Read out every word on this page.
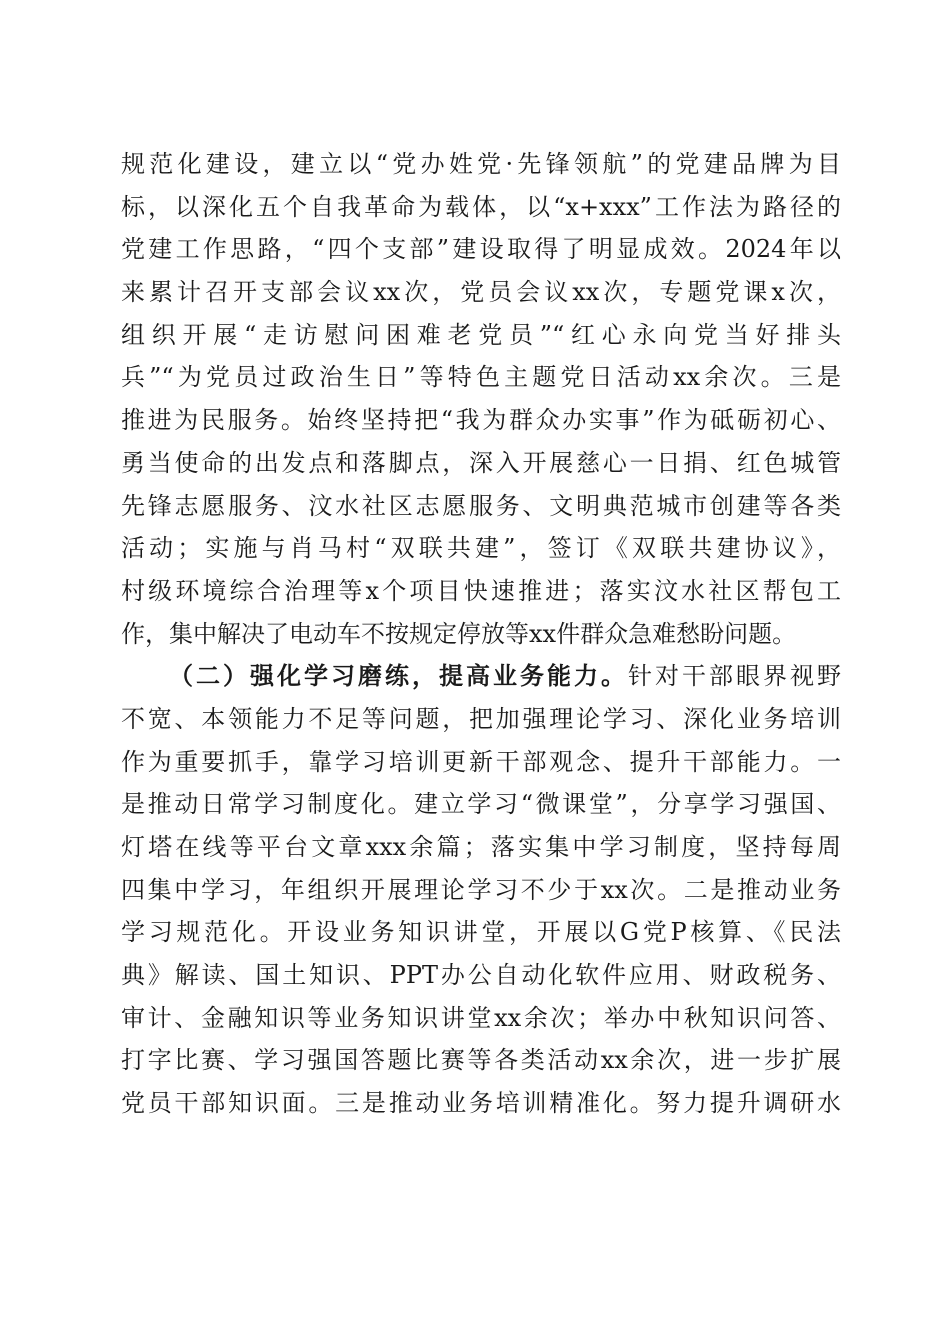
规范化建设，建立以“党办姓党·先锋领航”的党建品牌为目
标，以深化五个自我革命为载体，以“x+xxx”工作法为路径的
党建工作思路，“四个支部”建设取得了明显成效。2024年以
来累计召开支部会议xx次，党员会议xx次，专题党课x次，
组织开展“走访慰问困难老党员”“红心永向党当好排头
兵”“为党员过政治生日”等特色主题党日活动xx余次。三是
推进为民服务。始终坚持把“我为群众办实事”作为砥砺初心、
勇当使命的出发点和落脚点，深入开展慈心一日捐、红色城管
先锋志愿服务、汶水社区志愿服务、文明典范城市创建等各类
活动；实施与肖马村“双联共建”，签订《双联共建协议》，
村级环境综合治理等x个项目快速推进；落实汶水社区帮包工
作，集中解决了电动车不按规定停放等xx件群众急难愁盼问题。
（二）强化学习磨练，提高业务能力。针对干部眼界视野
不宽、本领能力不足等问题，把加强理论学习、深化业务培训
作为重要抓手，靠学习培训更新干部观念、提升干部能力。一
是推动日常学习制度化。建立学习“微课堂”，分享学习强国、
灯塔在线等平台文章xxx余篇；落实集中学习制度，坚持每周
四集中学习，年组织开展理论学习不少于xx次。二是推动业务
学习规范化。开设业务知识讲堂，开展以G党P核算、《民法
典》解读、国土知识、PPT办公自动化软件应用、财政税务、
审计、金融知识等业务知识讲堂xx余次；举办中秋知识问答、
打字比赛、学习强国答题比赛等各类活动xx余次，进一步扩展
党员干部知识面。三是推动业务培训精准化。努力提升调研水
